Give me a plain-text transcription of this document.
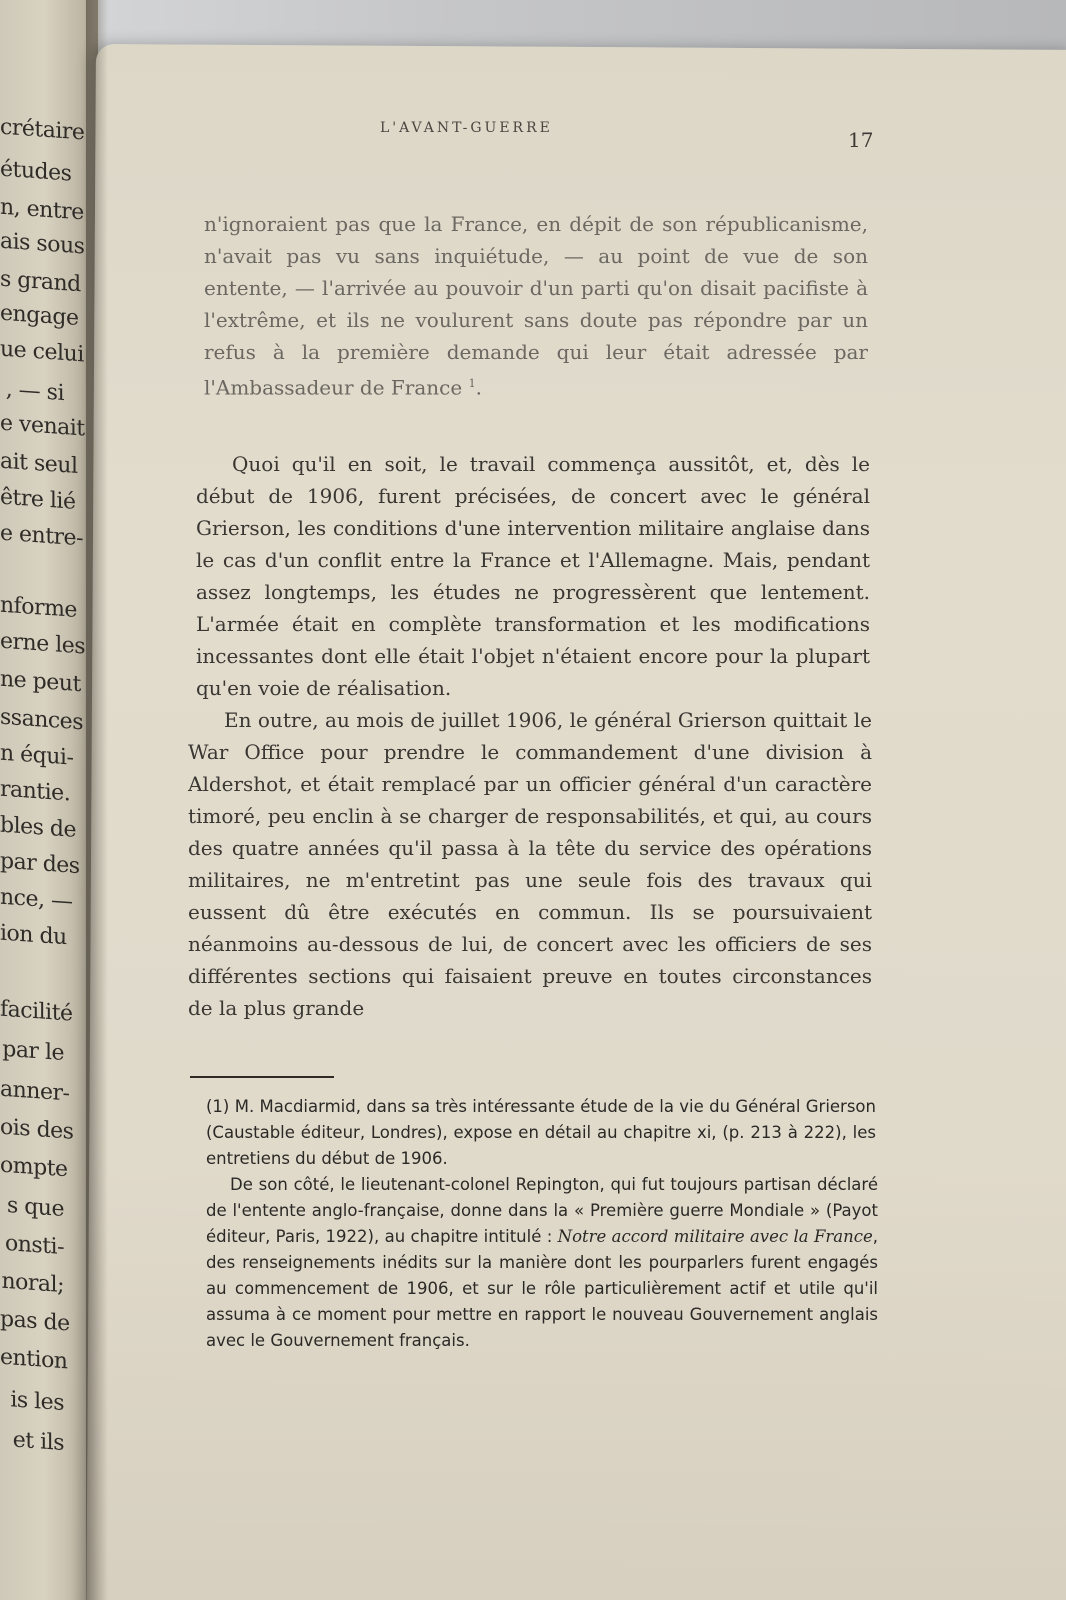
crétaire
études
n, entre
ais sous
s grand
engage
ue celui
, — si
e venait
ait seul
être lié
e entre-
nforme
erne les
ne peut
ssances
n équi-
rantie.
bles de
par des
nce, —
ion du
facilité
par le
anner-
ois des
ompte
s que
onsti-
noral;
pas de
ention
is les
et ils
L'AVANT-GUERRE	17

n'ignoraient pas que la France, en dépit de son républicanisme, n'avait pas vu sans inquiétude, — au point de vue de son entente, — l'arrivée au pouvoir d'un parti qu'on disait pacifiste à l'extrême, et ils ne voulurent sans doute pas répondre par un refus à la première demande qui leur était adressée par l'Ambassadeur de France $^1$.

Quoi qu'il en soit, le travail commença aussitôt, et, dès le début de 1906, furent précisées, de concert avec le général Grierson, les conditions d'une intervention militaire anglaise dans le cas d'un conflit entre la France et l'Allemagne. Mais, pendant assez longtemps, les études ne progressèrent que lentement. L'armée était en complète transformation et les modifications incessantes dont elle était l'objet n'étaient encore pour la plupart qu'en voie de réalisation.

En outre, au mois de juillet 1906, le général Grierson quittait le War Office pour prendre le commandement d'une division à Aldershot, et était remplacé par un officier général d'un caractère timoré, peu enclin à se charger de responsabilités, et qui, au cours des quatre années qu'il passa à la tête du service des opérations militaires, ne m'entretint pas une seule fois des travaux qui eussent dû être exécutés en commun. Ils se poursuivaient néanmoins au-dessous de lui, de concert avec les officiers de ses différentes sections qui faisaient preuve en toutes circonstances de la plus grande

(1) M. Macdiarmid, dans sa très intéressante étude de la vie du Général Grierson (Caustable éditeur, Londres), expose en détail au chapitre xi, (p. 213 à 222), les entretiens du début de 1906.

De son côté, le lieutenant-colonel Repington, qui fut toujours partisan déclaré de l'entente anglo-française, donne dans la « Première guerre Mondiale » (Payot éditeur, Paris, 1922), au chapitre intitulé : Notre accord militaire avec la France, des renseignements inédits sur la manière dont les pourparlers furent engagés au commencement de 1906, et sur le rôle particulièrement actif et utile qu'il assuma à ce moment pour mettre en rapport le nouveau Gouvernement anglais avec le Gouvernement français.
